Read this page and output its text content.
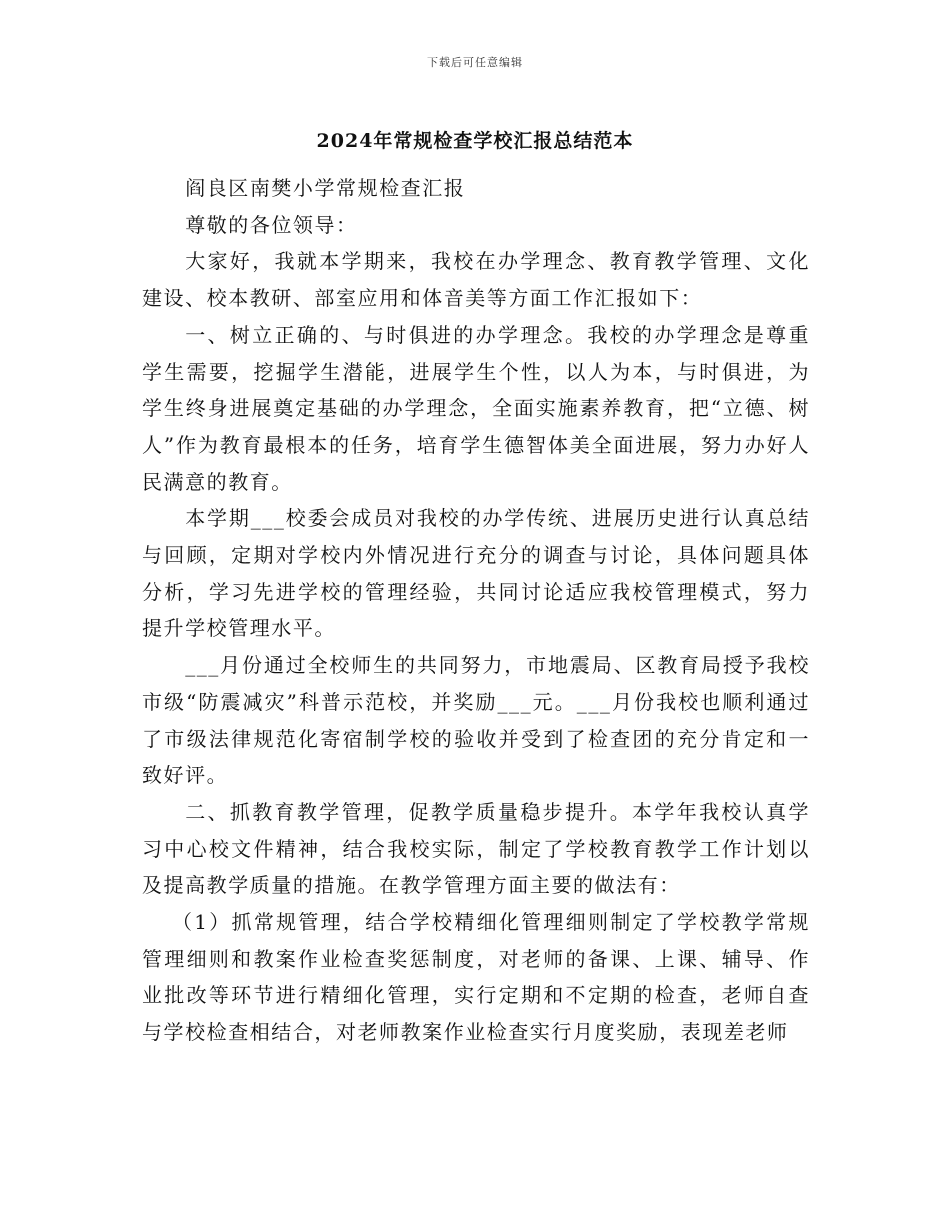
下载后可任意编辑
2024年常规检查学校汇报总结范本

阎良区南樊小学常规检查汇报

尊敬的各位领导：

大家好，我就本学期来，我校在办学理念、教育教学管理、文化建设、校本教研、部室应用和体音美等方面工作汇报如下：

一、树立正确的、与时俱进的办学理念。我校的办学理念是尊重学生需要，挖掘学生潜能，进展学生个性，以人为本，与时俱进，为学生终身进展奠定基础的办学理念，全面实施素养教育，把“立德、树人”作为教育最根本的任务，培育学生德智体美全面进展，努力办好人民满意的教育。

本学期___校委会成员对我校的办学传统、进展历史进行认真总结与回顾，定期对学校内外情况进行充分的调查与讨论，具体问题具体分析，学习先进学校的管理经验，共同讨论适应我校管理模式，努力提升学校管理水平。

___月份通过全校师生的共同努力，市地震局、区教育局授予我校市级“防震减灾”科普示范校，并奖励___元。___月份我校也顺利通过了市级法律规范化寄宿制学校的验收并受到了检查团的充分肯定和一致好评。

二、抓教育教学管理，促教学质量稳步提升。本学年我校认真学习中心校文件精神，结合我校实际，制定了学校教育教学工作计划以及提高教学质量的措施。在教学管理方面主要的做法有：

（1）抓常规管理，结合学校精细化管理细则制定了学校教学常规管理细则和教案作业检查奖惩制度，对老师的备课、上课、辅导、作业批改等环节进行精细化管理，实行定期和不定期的检查，老师自查与学校检查相结合，对老师教案作业检查实行月度奖励，表现差老师
